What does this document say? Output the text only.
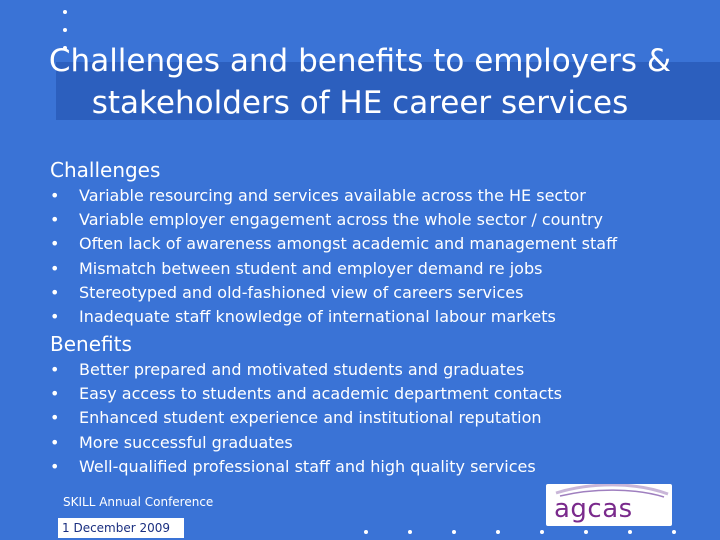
Challenges and benefits to employers &
stakeholders of HE career services
Challenges
• Variable resourcing and services available across the HE sector
• Variable employer engagement across the whole sector / country
• Often lack of awareness amongst academic and management staff
• Mismatch between student and employer demand re jobs
• Stereotyped and old-fashioned view of careers services
• Inadequate staff knowledge of international labour markets
Benefits
• Better prepared and motivated students and graduates
• Easy access to students and academic department contacts
• Enhanced student experience and institutional reputation
• More successful graduates
• Well-qualified professional staff and high quality services
SKILL Annual Conference
1 December 2009
agcas
